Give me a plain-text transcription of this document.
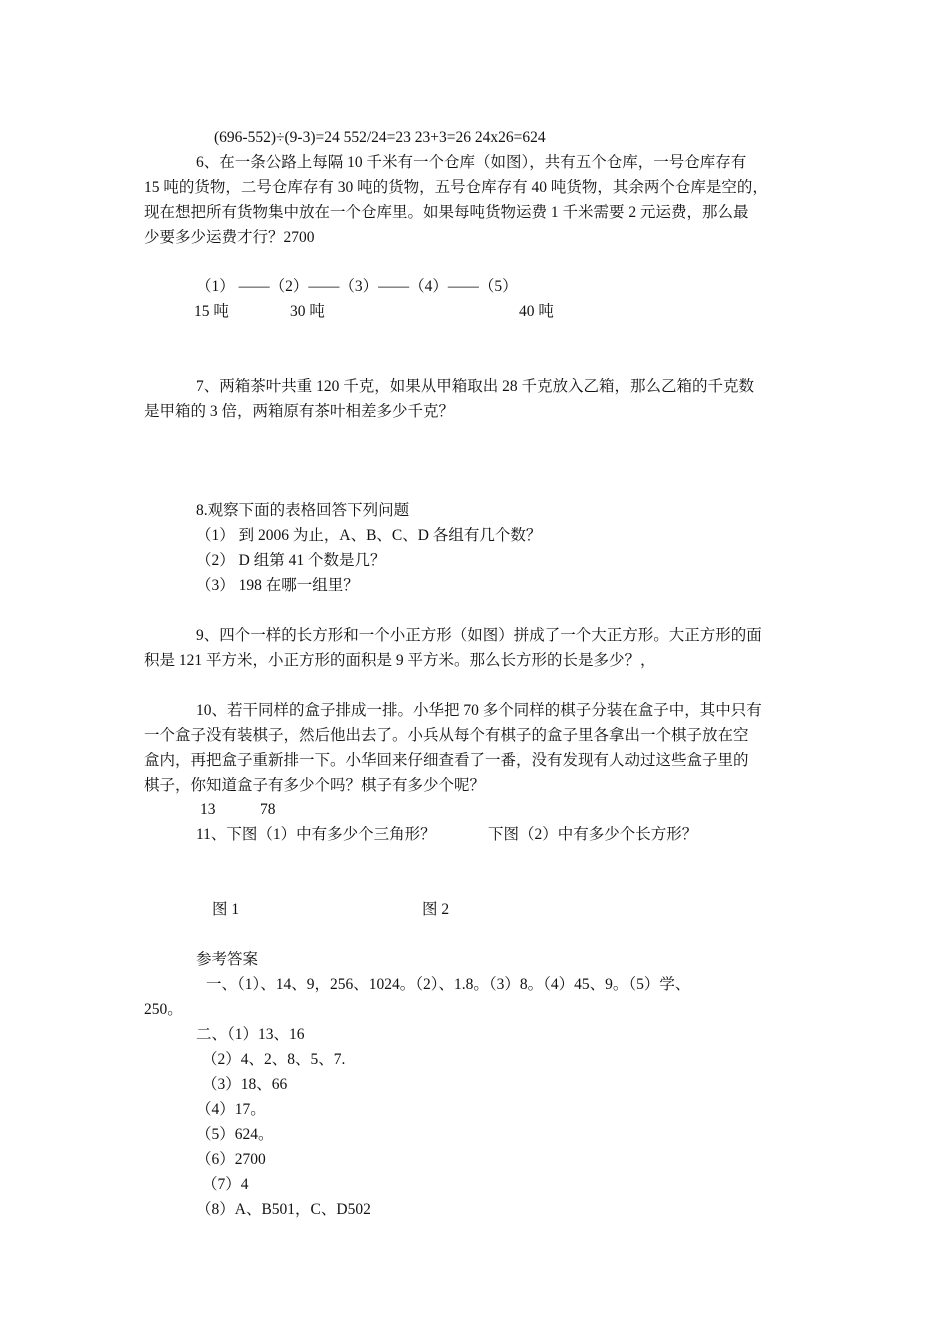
(696-552)÷(9-3)=24 552/24=23 23+3=26 24x26=624
6、在一条公路上每隔 10 千米有一个仓库（如图），共有五个仓库，一号仓库存有
15 吨的货物，二号仓库存有 30 吨的货物，五号仓库存有 40 吨货物，其余两个仓库是空的，
现在想把所有货物集中放在一个仓库里。如果每吨货物运费 1 千米需要 2 元运费，那么最
少要多少运费才行？2700
（1） ——（2）——（3）——（4）——（5）
15 吨	30 吨	40 吨
7、两箱茶叶共重 120 千克，如果从甲箱取出 28 千克放入乙箱，那么乙箱的千克数
是甲箱的 3 倍，两箱原有茶叶相差多少千克？
8.观察下面的表格回答下列问题
（1） 到 2006 为止，A、B、C、D 各组有几个数？
（2） D 组第 41 个数是几？
（3） 198 在哪一组里？
9、四个一样的长方形和一个小正方形（如图）拼成了一个大正方形。大正方形的面
积是 121 平方米，小正方形的面积是 9 平方米。那么长方形的长是多少？，
10、若干同样的盒子排成一排。小华把 70 多个同样的棋子分装在盒子中，其中只有
一个盒子没有装棋子，然后他出去了。小兵从每个有棋子的盒子里各拿出一个棋子放在空
盒内，再把盒子重新排一下。小华回来仔细查看了一番，没有发现有人动过这些盒子里的
棋子，你知道盒子有多少个吗？棋子有多少个呢？
13	78
11、下图（1）中有多少个三角形？	下图（2）中有多少个长方形？
图 1	图 2
参考答案
一、（1）、14、9，256、1024。（2）、1.8。（3）8。（4）45、9。（5）学、
250。
二、（1）13、16
（2）4、2、8、5、7.
（3）18、66
（4）17。
（5）624。
（6）2700
（7）4
（8）A、B501，C、D502
